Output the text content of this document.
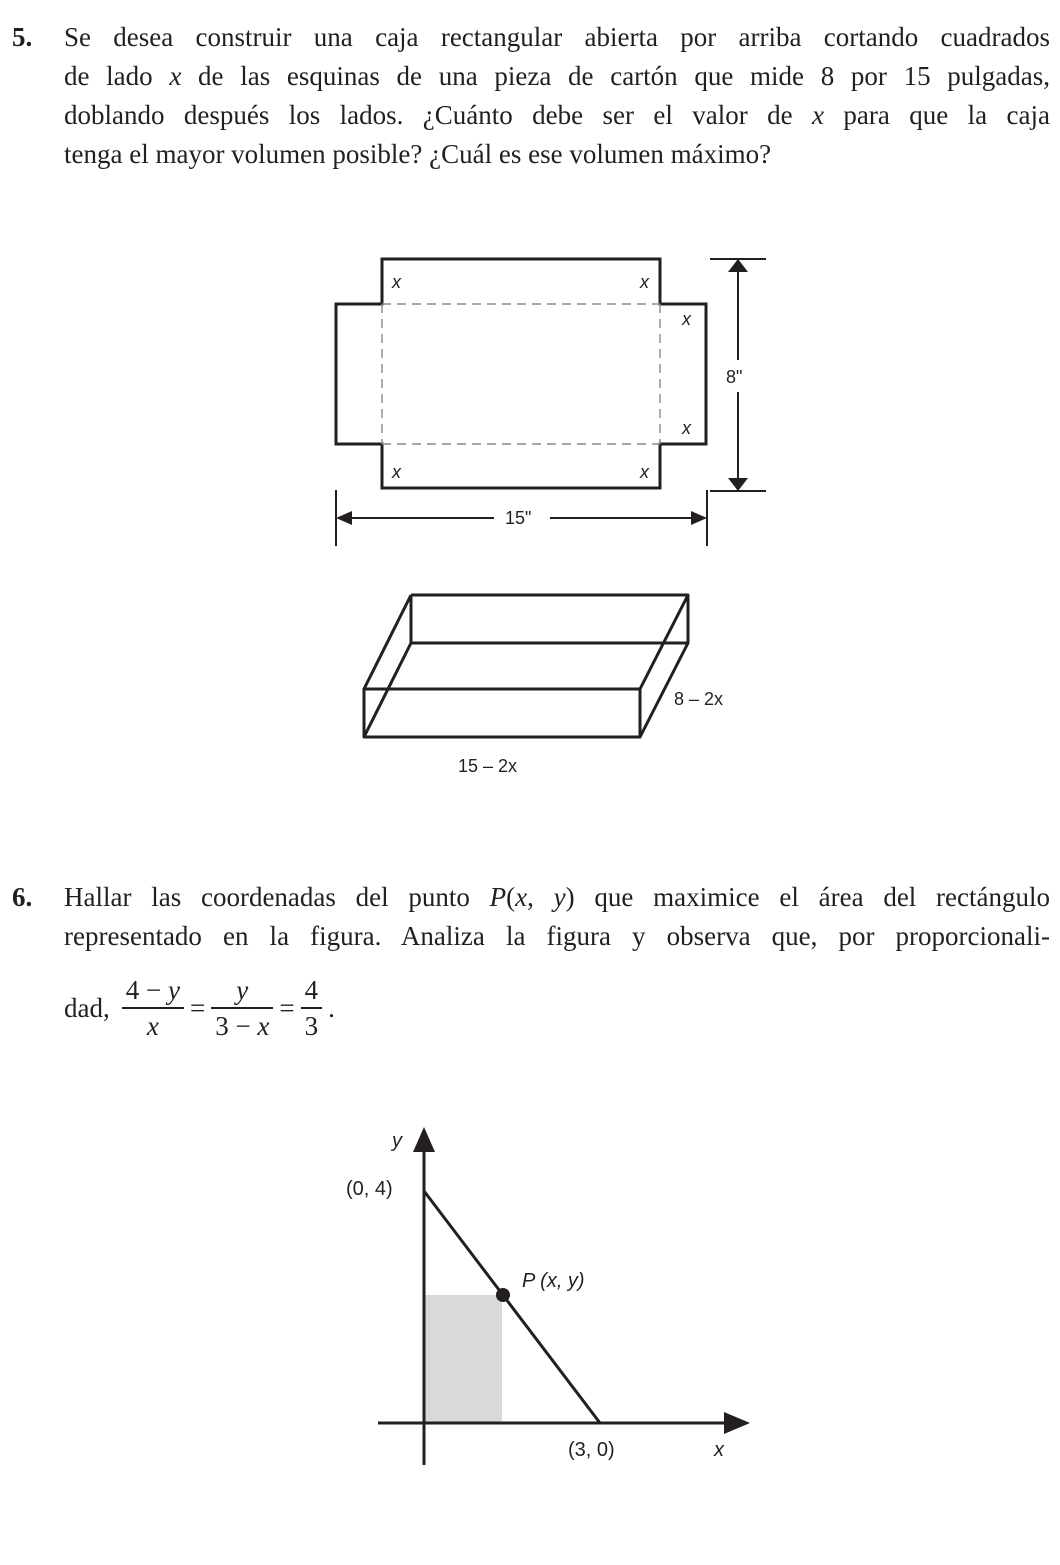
5. Se desea construir una caja rectangular abierta por arriba cortando cuadrados
de lado x de las esquinas de una pieza de cartón que mide 8 por 15 pulgadas,
doblando después los lados. ¿Cuánto debe ser el valor de x para que la caja
tenga el mayor volumen posible? ¿Cuál es ese volumen máximo?
x	x
x
x
x	x
8"
15"
8 – 2x
15 – 2x
6. Hallar las coordenadas del punto P(x, y) que maximice el área del rectángulo
representado en la figura. Analiza la figura y observa que, por proporcionali-
dad, $\frac{4 - y}{x} = \frac{y}{3 - x} = \frac{4}{3}$ .
y
x
(0, 4)
(3, 0)
P (x, y)
